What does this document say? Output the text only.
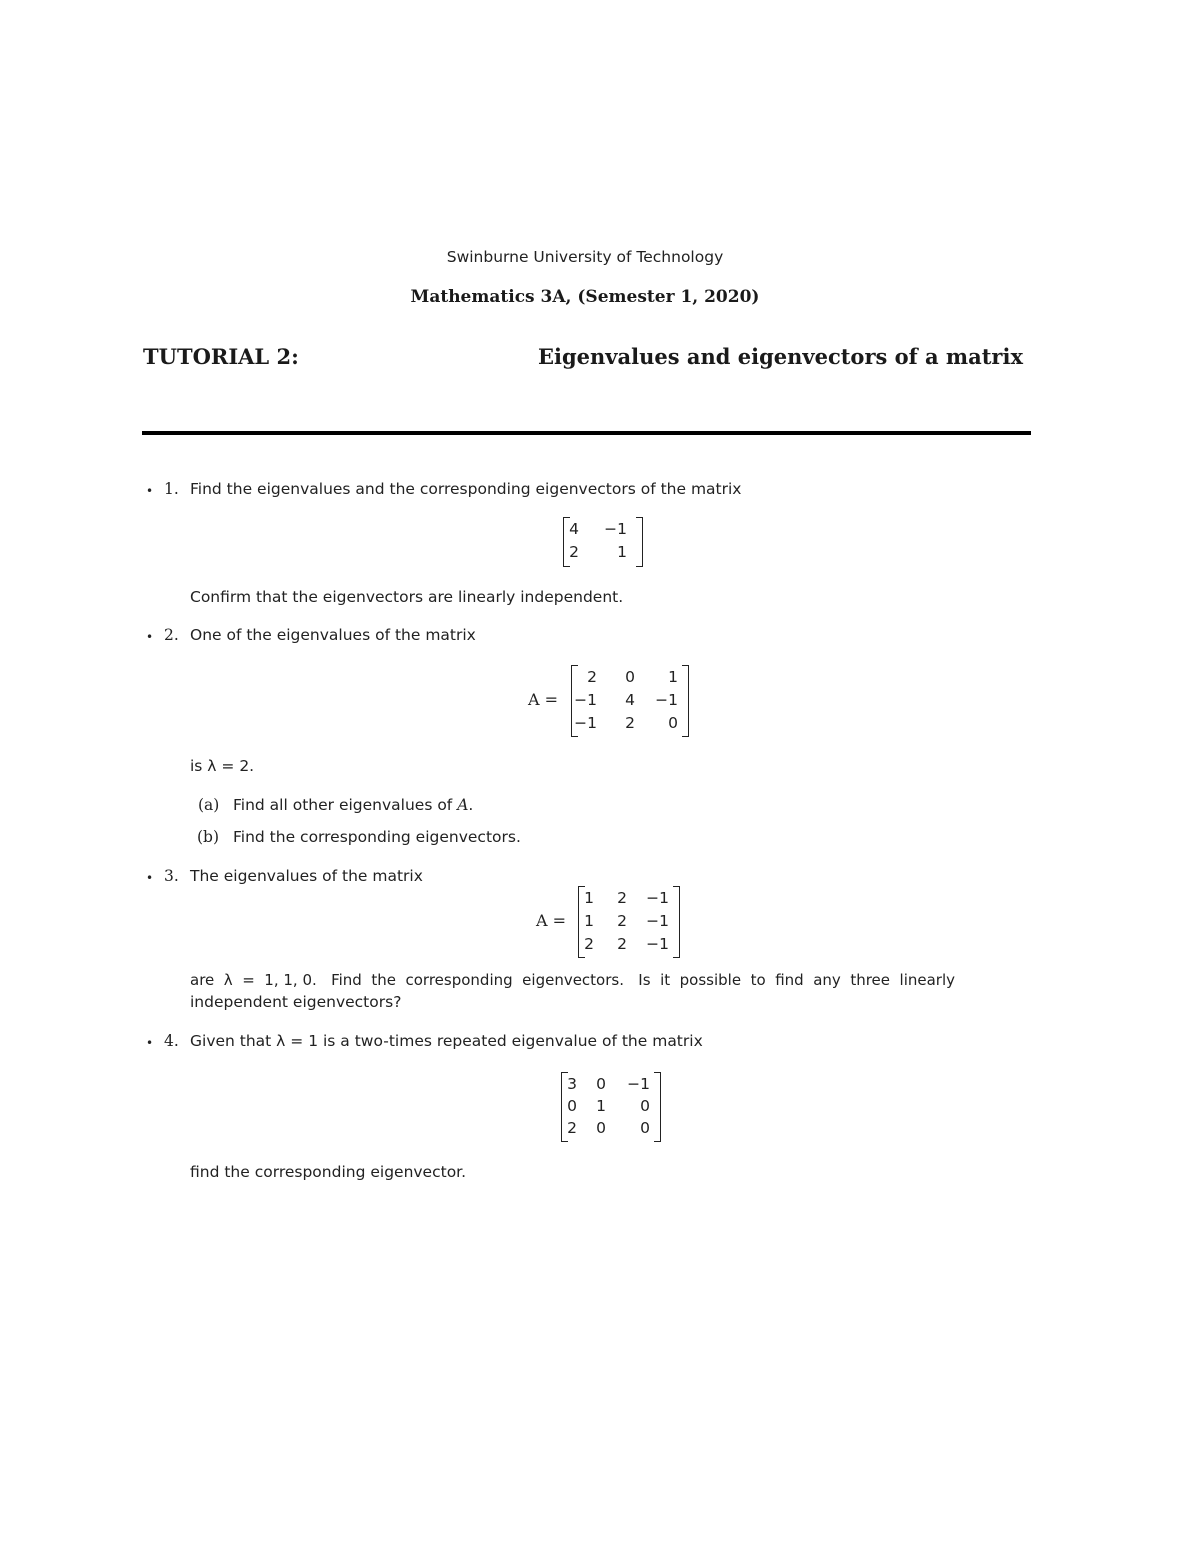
Swinburne University of Technology
Mathematics 3A, (Semester 1, 2020)
TUTORIAL 2:	Eigenvalues and eigenvectors of a matrix
• 1. Find the eigenvalues and the corresponding eigenvectors of the matrix
4	−1
2	1
Confirm that the eigenvectors are linearly independent.
• 2. One of the eigenvalues of the matrix
A =
2	0	1
−1	4	−1
−1	2	0
is λ = 2.
(a) Find all other eigenvalues of A.
(b) Find the corresponding eigenvectors.
• 3. The eigenvalues of the matrix
A =
1	2	−1
1	2	−1
2	2	−1
are  λ  =  1, 1, 0.   Find  the  corresponding  eigenvectors.   Is  it  possible  to  find  any  three  linearly
independent eigenvectors?
• 4. Given that λ = 1 is a two-times repeated eigenvalue of the matrix
3	0	−1
0	1	0
2	0	0
find the corresponding eigenvector.
